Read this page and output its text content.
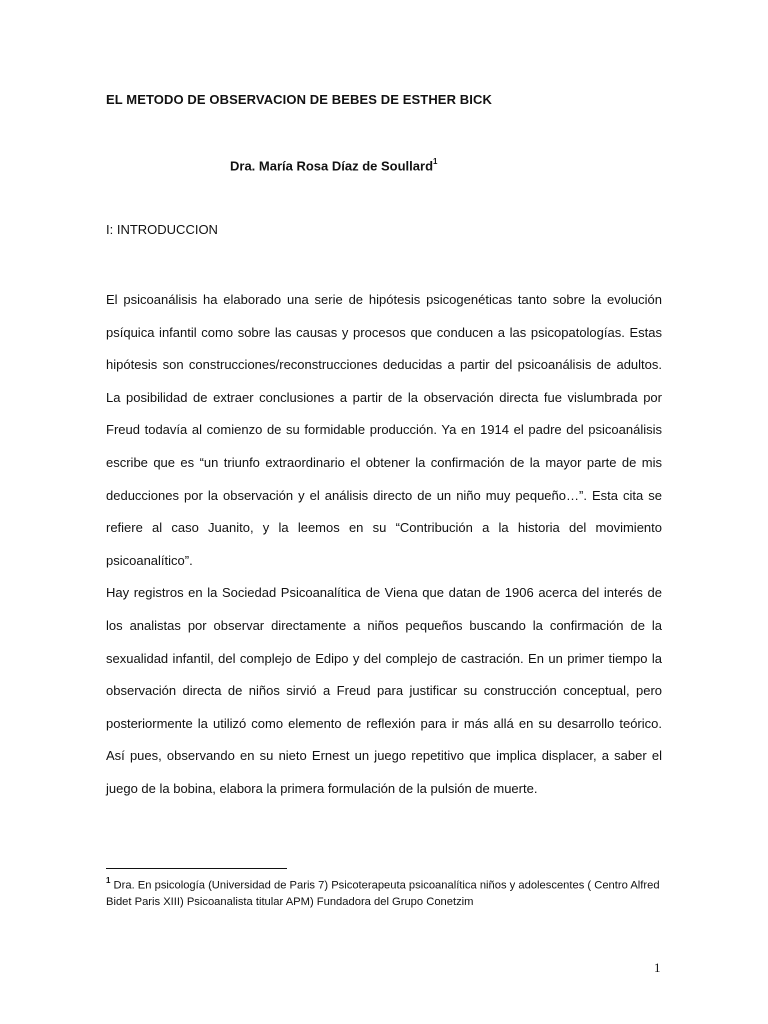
EL METODO DE OBSERVACION DE BEBES DE ESTHER BICK
Dra. María Rosa Díaz de Soullard$^1$
I: INTRODUCCION

El psicoanálisis ha elaborado una serie de hipótesis psicogenéticas tanto sobre la evolución psíquica infantil como sobre las causas y procesos que conducen a las psicopatologías. Estas hipótesis son construcciones/reconstrucciones deducidas a partir del psicoanálisis de adultos. La posibilidad de extraer conclusiones a partir de la observación directa fue vislumbrada por Freud todavía al comienzo de su formidable producción. Ya en 1914 el padre del psicoanálisis escribe que es “un triunfo extraordinario el obtener la confirmación de la mayor parte de mis deducciones por la observación y el análisis directo de un niño muy pequeño…”. Esta cita se refiere al caso Juanito, y la leemos en su “Contribución a la historia del movimiento psicoanalítico”.

Hay registros en la Sociedad Psicoanalítica de Viena que datan de 1906 acerca del interés de los analistas por observar directamente a niños pequeños buscando la confirmación de la sexualidad infantil, del complejo de Edipo y del complejo de castración. En un primer tiempo la observación directa de niños sirvió a Freud para justificar su construcción conceptual, pero posteriormente la utilizó como elemento de reflexión para ir más allá en su desarrollo teórico. Así pues, observando en su nieto Ernest un juego repetitivo que implica displacer, a saber el juego de la bobina, elabora la primera formulación de la pulsión de muerte.

$^1$ Dra. En psicología (Universidad de Paris 7) Psicoterapeuta psicoanalítica niños y adolescentes ( Centro Alfred Bidet Paris XIII) Psicoanalista titular APM) Fundadora del Grupo Conetzim
1
